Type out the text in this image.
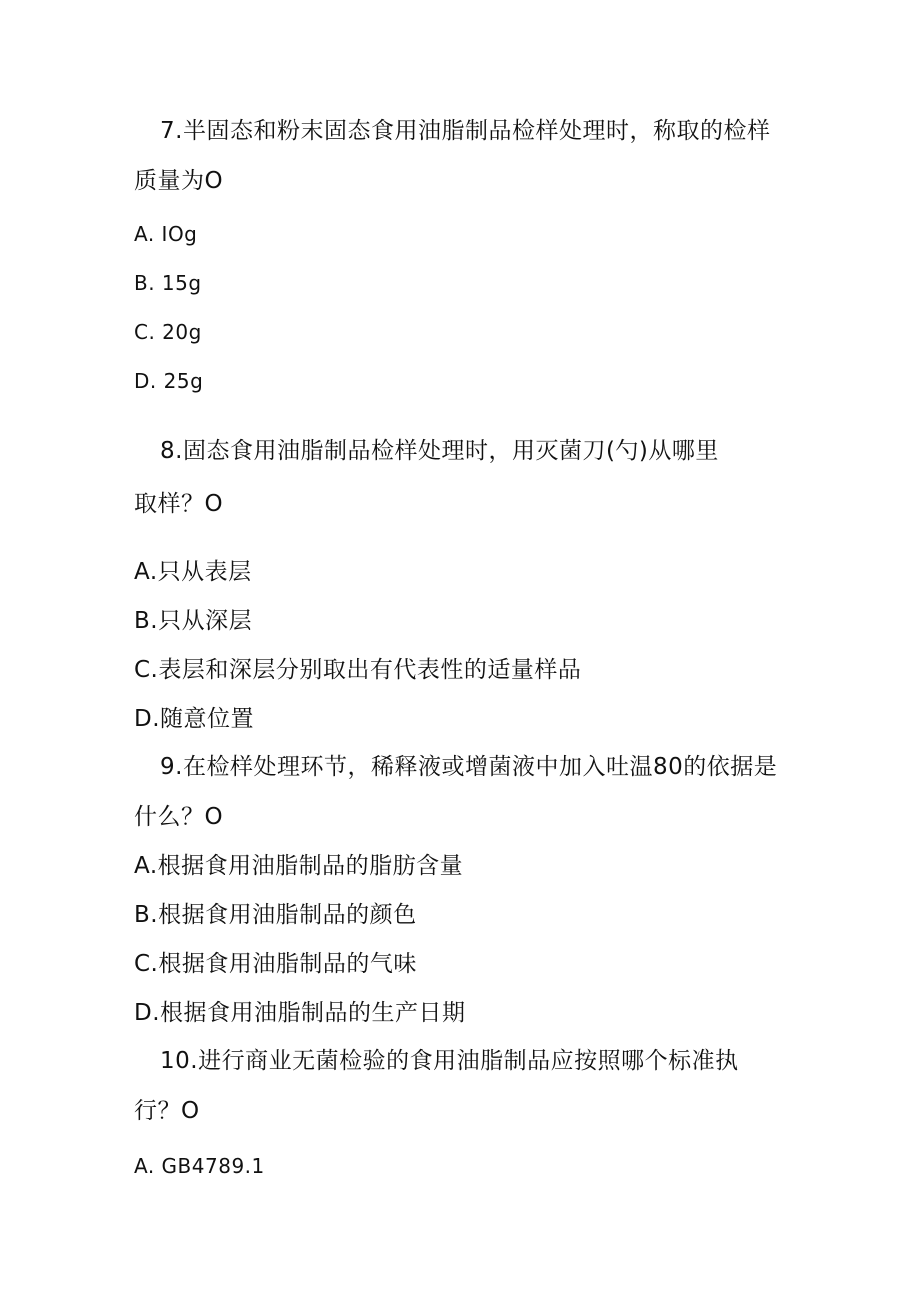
7.半固态和粉末固态食用油脂制品检样处理时，称取的检样
质量为O
A. IOg
B. 15g
C. 20g
D. 25g
8.固态食用油脂制品检样处理时，用灭菌刀(勺)从哪里
取样？O
A.只从表层
B.只从深层
C.表层和深层分别取出有代表性的适量样品
D.随意位置
9.在检样处理环节，稀释液或增菌液中加入吐温80的依据是
什么？O
A.根据食用油脂制品的脂肪含量
B.根据食用油脂制品的颜色
C.根据食用油脂制品的气味
D.根据食用油脂制品的生产日期
10.进行商业无菌检验的食用油脂制品应按照哪个标准执
行？O
A. GB4789.1
